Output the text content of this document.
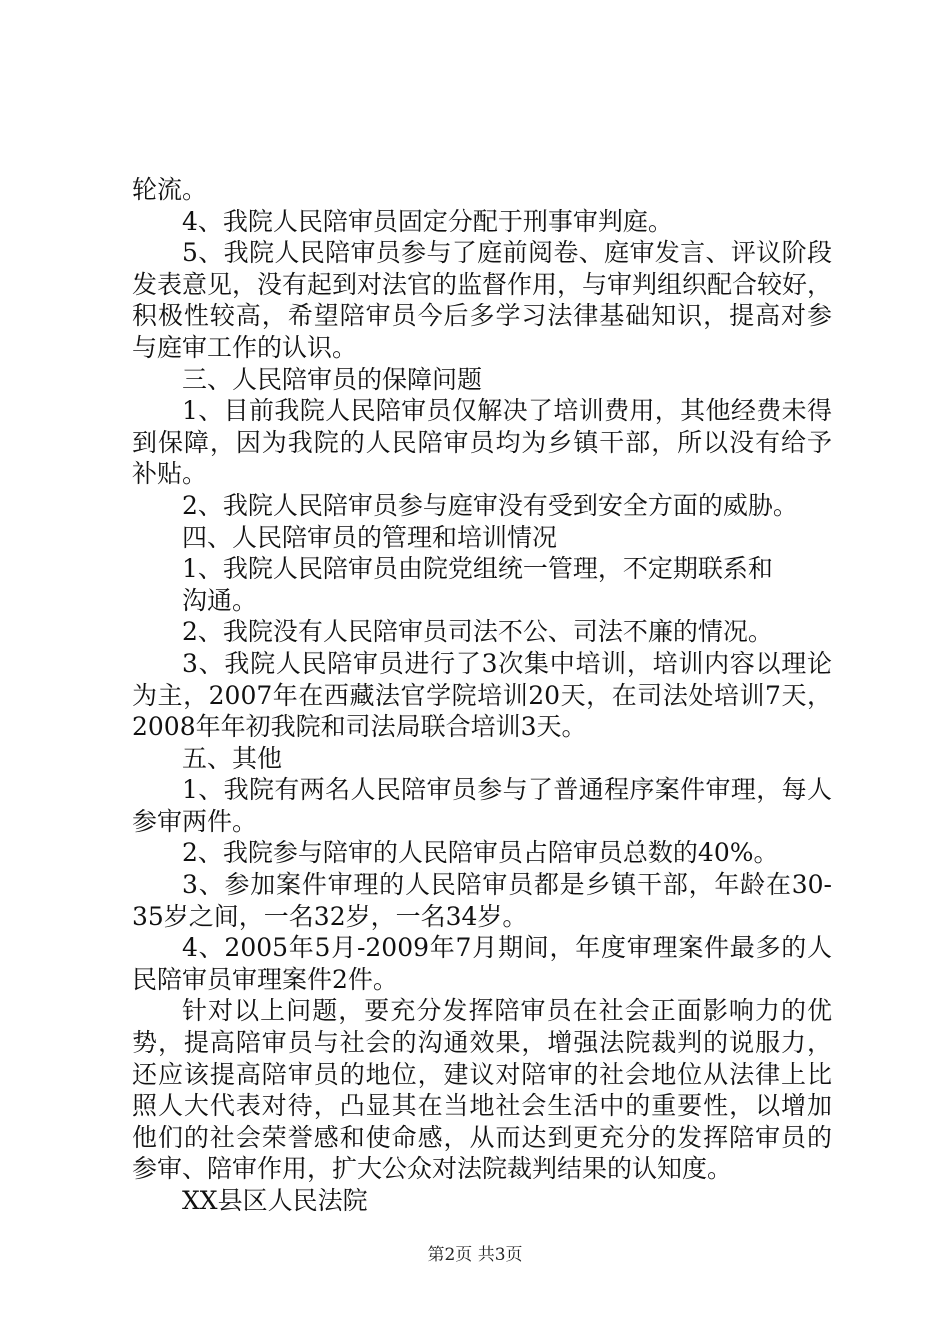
轮流。
4、我院人民陪审员固定分配于刑事审判庭。
5、我院人民陪审员参与了庭前阅卷、庭审发言、评议阶段
发表意见，没有起到对法官的监督作用，与审判组织配合较好，
积极性较高，希望陪审员今后多学习法律基础知识，提高对参
与庭审工作的认识。
三、人民陪审员的保障问题
1、目前我院人民陪审员仅解决了培训费用，其他经费未得
到保障，因为我院的人民陪审员均为乡镇干部，所以没有给予
补贴。
2、我院人民陪审员参与庭审没有受到安全方面的威胁。
四、人民陪审员的管理和培训情况
1、我院人民陪审员由院党组统一管理，不定期联系和
沟通。
2、我院没有人民陪审员司法不公、司法不廉的情况。
3、我院人民陪审员进行了3次集中培训，培训内容以理论
为主，2007年在西藏法官学院培训20天，在司法处培训7天，
2008年年初我院和司法局联合培训3天。
五、其他
1、我院有两名人民陪审员参与了普通程序案件审理，每人
参审两件。
2、我院参与陪审的人民陪审员占陪审员总数的40%。
3、参加案件审理的人民陪审员都是乡镇干部，年龄在30-
35岁之间，一名32岁，一名34岁。
4、2005年5月-2009年7月期间，年度审理案件最多的人
民陪审员审理案件2件。
针对以上问题，要充分发挥陪审员在社会正面影响力的优
势，提高陪审员与社会的沟通效果，增强法院裁判的说服力，
还应该提高陪审员的地位，建议对陪审的社会地位从法律上比
照人大代表对待，凸显其在当地社会生活中的重要性，以增加
他们的社会荣誉感和使命感，从而达到更充分的发挥陪审员的
参审、陪审作用，扩大公众对法院裁判结果的认知度。
XX县区人民法院
第2页 共3页
